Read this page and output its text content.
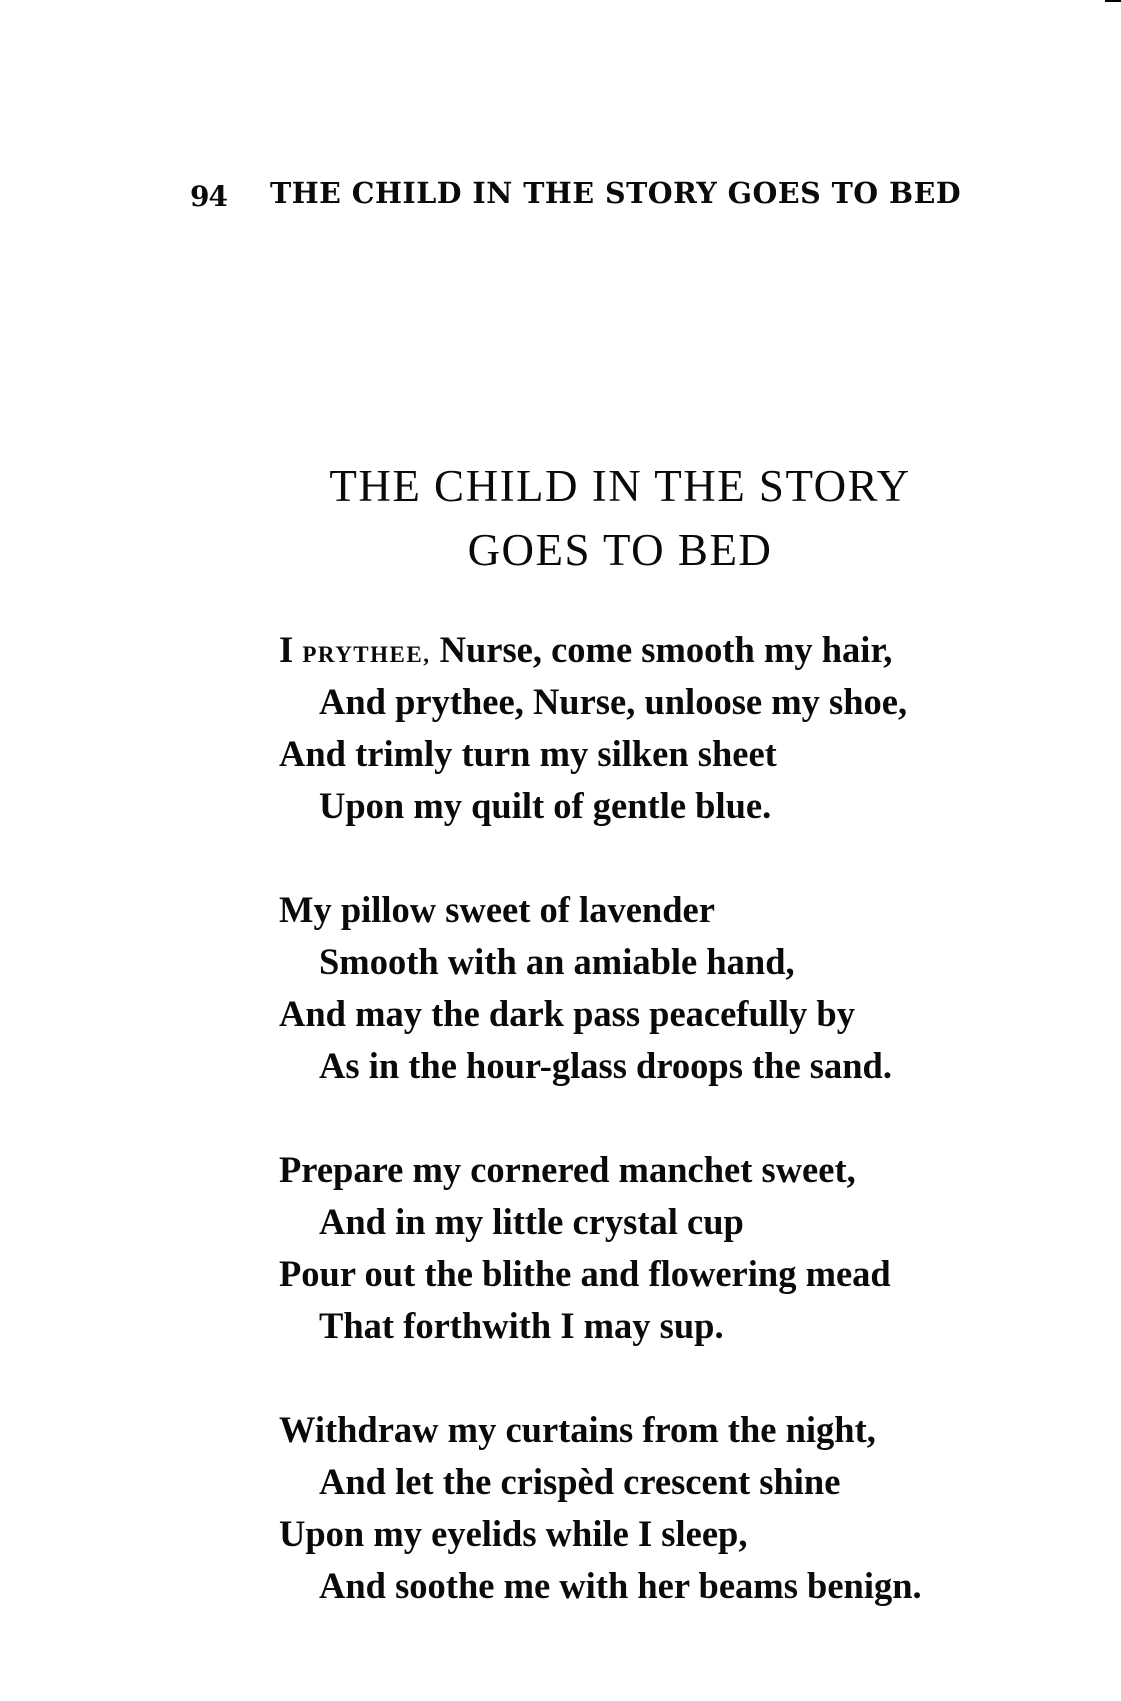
94 THE CHILD IN THE STORY GOES TO BED
THE CHILD IN THE STORY
GOES TO BED
I PRYTHEE, Nurse, come smooth my hair,
And prythee, Nurse, unloose my shoe,
And trimly turn my silken sheet
Upon my quilt of gentle blue.
My pillow sweet of lavender
Smooth with an amiable hand,
And may the dark pass peacefully by
As in the hour-glass droops the sand.
Prepare my cornered manchet sweet,
And in my little crystal cup
Pour out the blithe and flowering mead
That forthwith I may sup.
Withdraw my curtains from the night,
And let the crispèd crescent shine
Upon my eyelids while I sleep,
And soothe me with her beams benign.
